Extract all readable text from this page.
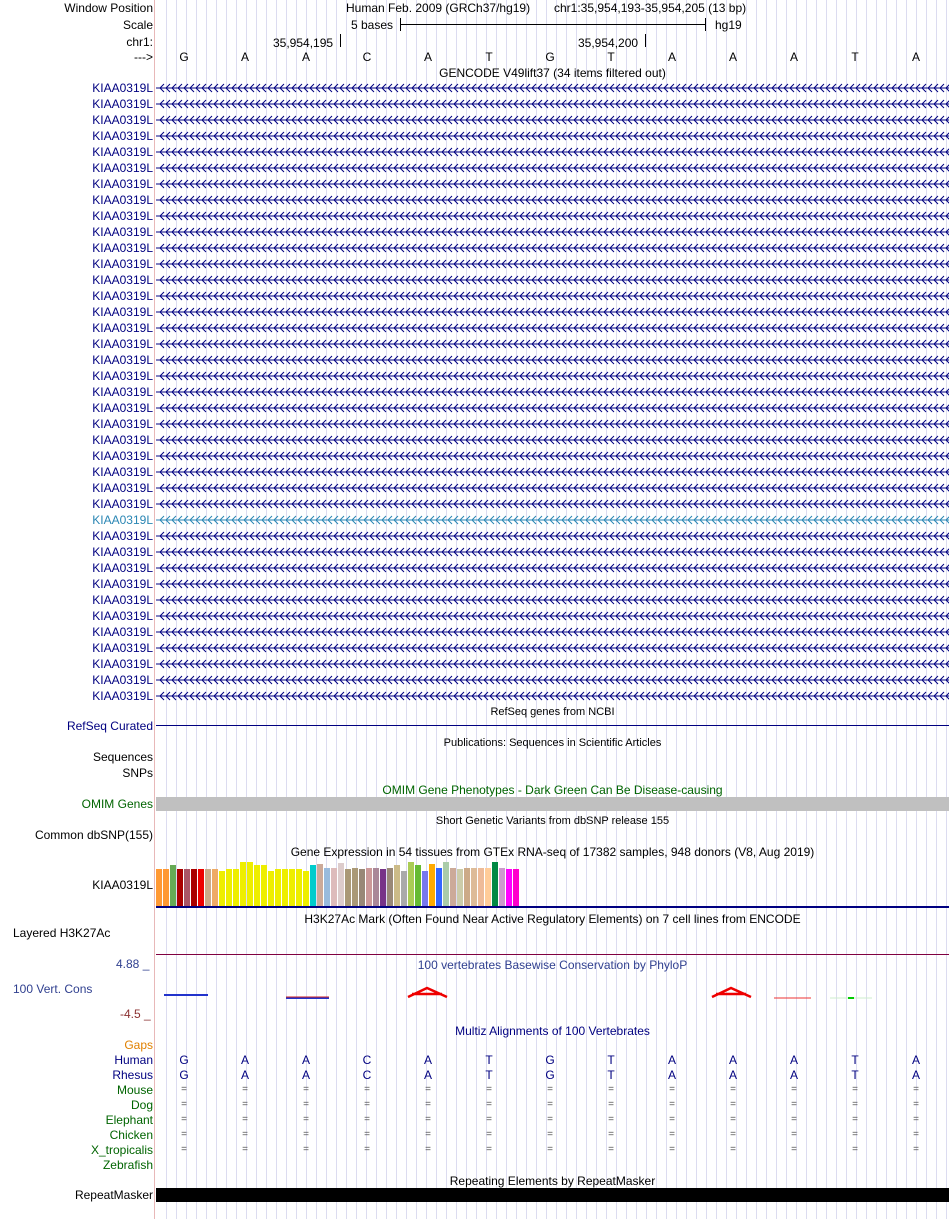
Window Position	Human Feb. 2009 (GRCh37/hg19) chr1:35,954,193-35,954,205 (13 bp)
Scale	5 bases	hg19
chr1:	35,954,195	35,954,200
--->	G	A	A	C	A	T	G	T	A	A	A	T	A
GENCODE V49lift37 (34 items filtered out)
KIAA0319L
KIAA0319L
KIAA0319L
KIAA0319L
KIAA0319L
KIAA0319L
KIAA0319L
KIAA0319L
KIAA0319L
KIAA0319L
KIAA0319L
KIAA0319L
KIAA0319L
KIAA0319L
KIAA0319L
KIAA0319L
KIAA0319L
KIAA0319L
KIAA0319L
KIAA0319L
KIAA0319L
KIAA0319L
KIAA0319L
KIAA0319L
KIAA0319L
KIAA0319L
KIAA0319L
KIAA0319L
KIAA0319L
KIAA0319L
KIAA0319L
KIAA0319L
KIAA0319L
KIAA0319L
KIAA0319L
KIAA0319L
KIAA0319L
KIAA0319L
KIAA0319L
RefSeq genes from NCBI
RefSeq Curated
Publications: Sequences in Scientific Articles
Sequences
SNPs
OMIM Gene Phenotypes - Dark Green Can Be Disease-causing
OMIM Genes
Short Genetic Variants from dbSNP release 155
Common dbSNP(155)
Gene Expression in 54 tissues from GTEx RNA-seq of 17382 samples, 948 donors (V8, Aug 2019)
KIAA0319L
H3K27Ac Mark (Often Found Near Active Regulatory Elements) on 7 cell lines from ENCODE
Layered H3K27Ac
100 vertebrates Basewise Conservation by PhyloP
4.88 _
100 Vert. Cons
-4.5 _
Multiz Alignments of 100 Vertebrates
Gaps
Human	G	A	A	C	A	T	G	T	A	A	A	T	A
Rhesus	G	A	A	C	A	T	G	T	A	A	A	T	A
Mouse	=	=	=	=	=	=	=	=	=	=	=	=	=
Dog	=	=	=	=	=	=	=	=	=	=	=	=	=
Elephant	=	=	=	=	=	=	=	=	=	=	=	=	=
Chicken	=	=	=	=	=	=	=	=	=	=	=	=	=
X_tropicalis	=	=	=	=	=	=	=	=	=	=	=	=	=
Zebrafish
Repeating Elements by RepeatMasker
RepeatMasker
